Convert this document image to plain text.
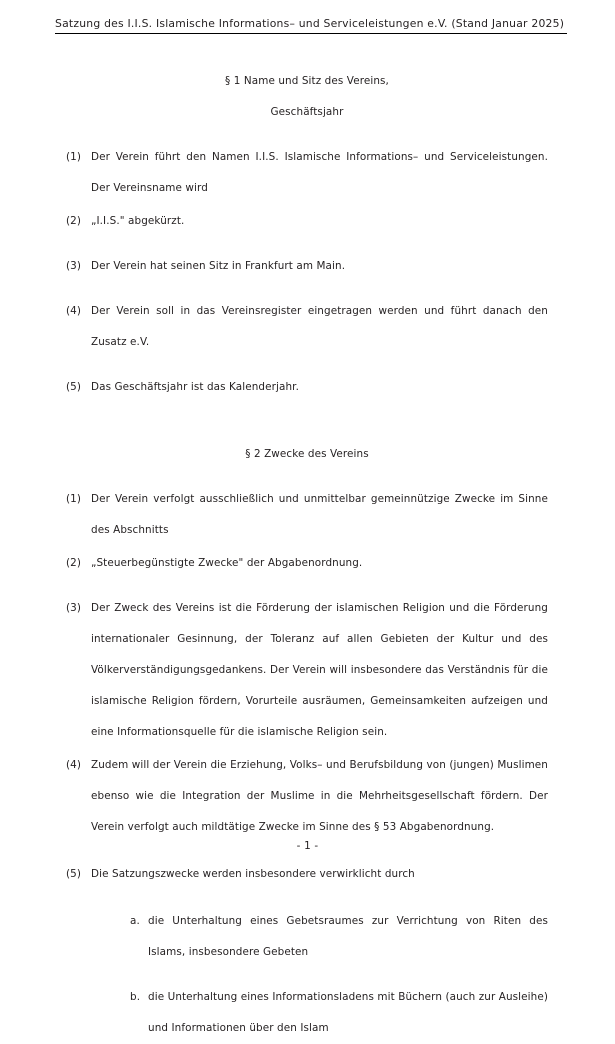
Satzung des I.I.S. Islamische Informations– und Serviceleistungen e.V. (Stand Januar 2025)
§ 1 Name und Sitz des Vereins,
Geschäftsjahr
(1) Der Verein führt den Namen I.I.S. Islamische Informations– und Serviceleistungen. Der Vereinsname wird
(2) „I.I.S." abgekürzt.
(3) Der Verein hat seinen Sitz in Frankfurt am Main.
(4) Der Verein soll in das Vereinsregister eingetragen werden und führt danach den Zusatz e.V.
(5) Das Geschäftsjahr ist das Kalenderjahr.
§ 2 Zwecke des Vereins
(1) Der Verein verfolgt ausschließlich und unmittelbar gemeinnützige Zwecke im Sinne des Abschnitts
(2) „Steuerbegünstigte Zwecke" der Abgabenordnung.
(3) Der Zweck des Vereins ist die Förderung der islamischen Religion und die Förderung internationaler Gesinnung, der Toleranz auf allen Gebieten der Kultur und des Völkerverständigungsgedankens. Der Verein will insbesondere das Verständnis für die islamische Religion fördern, Vorurteile ausräumen, Gemeinsamkeiten aufzeigen und eine Informationsquelle für die islamische Religion sein.
(4) Zudem will der Verein die Erziehung, Volks– und Berufsbildung von (jungen) Muslimen ebenso wie die Integration der Muslime in die Mehrheitsgesellschaft fördern. Der Verein verfolgt auch mildtätige Zwecke im Sinne des § 53 Abgabenordnung.
(5) Die Satzungszwecke werden insbesondere verwirklicht durch
a. die Unterhaltung eines Gebetsraumes zur Verrichtung von Riten des Islams, insbesondere Gebeten
b. die Unterhaltung eines Informationsladens mit Büchern (auch zur Ausleihe) und Informationen über den Islam
- 1 -
